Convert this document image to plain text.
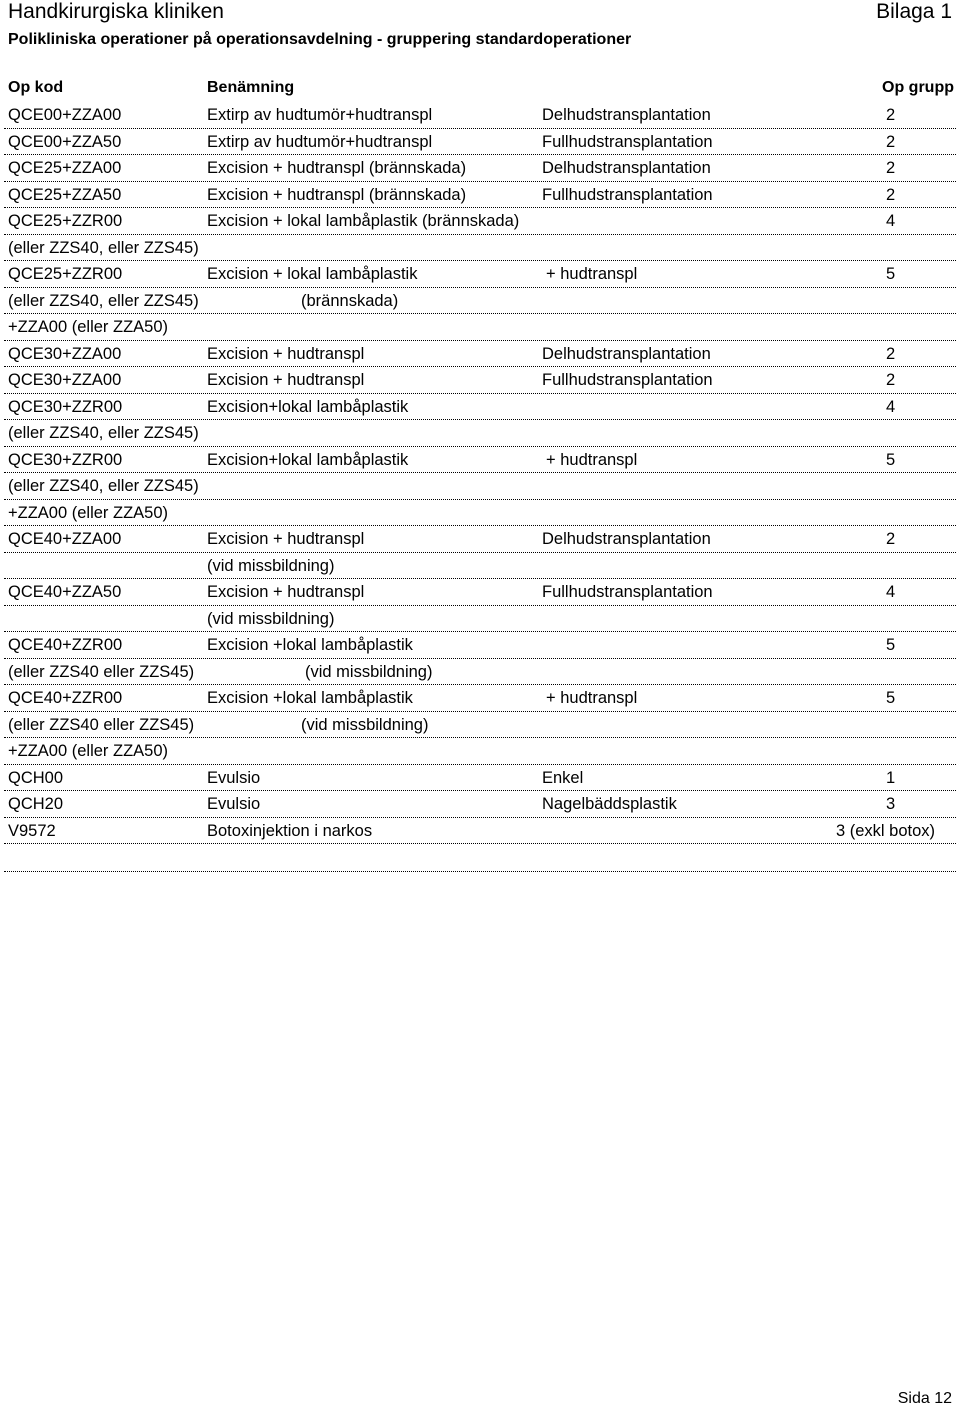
Handkirurgiska kliniken	Bilaga 1
Polikliniska operationer på operationsavdelning - gruppering standardoperationer
Op kod	Benämning	Op grupp
QCE00+ZZA00	Extirp av hudtumör+hudtranspl	Delhudstransplantation	2
QCE00+ZZA50	Extirp av hudtumör+hudtranspl	Fullhudstransplantation	2
QCE25+ZZA00	Excision + hudtranspl (brännskada)	Delhudstransplantation	2
QCE25+ZZA50	Excision + hudtranspl (brännskada)	Fullhudstransplantation	2
QCE25+ZZR00	Excision + lokal lambåplastik (brännskada)	4
(eller ZZS40, eller ZZS45)
QCE25+ZZR00	Excision + lokal lambåplastik	+ hudtranspl	5
(eller ZZS40, eller ZZS45)	(brännskada)
+ZZA00 (eller ZZA50)
QCE30+ZZA00	Excision + hudtranspl	Delhudstransplantation	2
QCE30+ZZA00	Excision + hudtranspl	Fullhudstransplantation	2
QCE30+ZZR00	Excision+lokal lambåplastik	4
(eller ZZS40, eller ZZS45)
QCE30+ZZR00	Excision+lokal lambåplastik	+ hudtranspl	5
(eller ZZS40, eller ZZS45)
+ZZA00 (eller ZZA50)
QCE40+ZZA00	Excision + hudtranspl	Delhudstransplantation	2
(vid missbildning)
QCE40+ZZA50	Excision + hudtranspl	Fullhudstransplantation	4
(vid missbildning)
QCE40+ZZR00	Excision +lokal lambåplastik	5
(eller ZZS40 eller ZZS45)	(vid missbildning)
QCE40+ZZR00	Excision +lokal lambåplastik	+ hudtranspl	5
(eller ZZS40 eller ZZS45)	(vid missbildning)
+ZZA00 (eller ZZA50)
QCH00	Evulsio	Enkel	1
QCH20	Evulsio	Nagelbäddsplastik	3
V9572	Botoxinjektion i narkos	3 (exkl botox)
Sida 12
